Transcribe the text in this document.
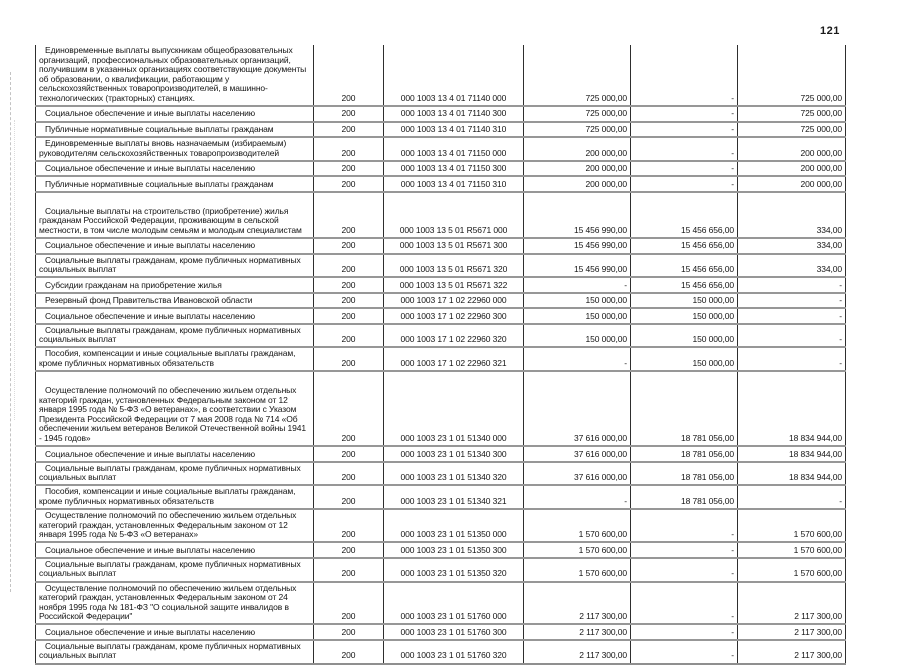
121
Единовременные выплаты выпускникам общеобразовательных организаций, профессиональных образовательных организаций, получившим в указанных организациях соответствующие документы об образовании, о квалификации, работающим у сельскохозяйственных товаропроизводителей, в машинно-технологических (тракторных) станциях.	200	000 1003 13 4 01 71140 000	725 000,00	-	725 000,00
Социальное обеспечение и иные выплаты населению	200	000 1003 13 4 01 71140 300	725 000,00	-	725 000,00
Публичные нормативные социальные выплаты гражданам	200	000 1003 13 4 01 71140 310	725 000,00	-	725 000,00
Единовременные выплаты вновь назначаемым (избираемым) руководителям сельскохозяйственных товаропроизводителей	200	000 1003 13 4 01 71150 000	200 000,00	-	200 000,00
Социальное обеспечение и иные выплаты населению	200	000 1003 13 4 01 71150 300	200 000,00	-	200 000,00
Публичные нормативные социальные выплаты гражданам	200	000 1003 13 4 01 71150 310	200 000,00	-	200 000,00
Социальные выплаты на строительство (приобретение) жилья гражданам Российской Федерации, проживающим в сельской местности, в том числе молодым семьям и молодым специалистам	200	000 1003 13 5 01 R5671 000	15 456 990,00	15 456 656,00	334,00
Социальное обеспечение и иные выплаты населению	200	000 1003 13 5 01 R5671 300	15 456 990,00	15 456 656,00	334,00
Социальные выплаты гражданам, кроме публичных нормативных социальных выплат	200	000 1003 13 5 01 R5671 320	15 456 990,00	15 456 656,00	334,00
Субсидии гражданам на приобретение жилья	200	000 1003 13 5 01 R5671 322	-	15 456 656,00	-
Резервный фонд Правительства Ивановской области	200	000 1003 17 1 02 22960 000	150 000,00	150 000,00	-
Социальное обеспечение и иные выплаты населению	200	000 1003 17 1 02 22960 300	150 000,00	150 000,00	-
Социальные выплаты гражданам, кроме публичных нормативных социальных выплат	200	000 1003 17 1 02 22960 320	150 000,00	150 000,00	-
Пособия, компенсации и иные социальные выплаты гражданам, кроме публичных нормативных обязательств	200	000 1003 17 1 02 22960 321	-	150 000,00	-
Осуществление полномочий по обеспечению жильем отдельных категорий граждан, установленных Федеральным законом от 12 января 1995 года № 5-ФЗ «О ветеранах», в соответствии с Указом Президента Российской Федерации от 7 мая 2008 года № 714 «Об обеспечении жильем ветеранов Великой Отечественной войны 1941 - 1945 годов»	200	000 1003 23 1 01 51340 000	37 616 000,00	18 781 056,00	18 834 944,00
Социальное обеспечение и иные выплаты населению	200	000 1003 23 1 01 51340 300	37 616 000,00	18 781 056,00	18 834 944,00
Социальные выплаты гражданам, кроме публичных нормативных социальных выплат	200	000 1003 23 1 01 51340 320	37 616 000,00	18 781 056,00	18 834 944,00
Пособия, компенсации и иные социальные выплаты гражданам, кроме публичных нормативных обязательств	200	000 1003 23 1 01 51340 321	-	18 781 056,00	-
Осуществление полномочий по обеспечению жильем отдельных категорий граждан, установленных Федеральным законом от 12 января 1995 года № 5-ФЗ «О ветеранах»	200	000 1003 23 1 01 51350 000	1 570 600,00	-	1 570 600,00
Социальное обеспечение и иные выплаты населению	200	000 1003 23 1 01 51350 300	1 570 600,00	-	1 570 600,00
Социальные выплаты гражданам, кроме публичных нормативных социальных выплат	200	000 1003 23 1 01 51350 320	1 570 600,00	-	1 570 600,00
Осуществление полномочий по обеспечению жильем отдельных категорий граждан, установленных Федеральным законом от 24 ноября 1995 года № 181-ФЗ "О социальной защите инвалидов в Российской Федерации"	200	000 1003 23 1 01 51760 000	2 117 300,00	-	2 117 300,00
Социальное обеспечение и иные выплаты населению	200	000 1003 23 1 01 51760 300	2 117 300,00	-	2 117 300,00
Социальные выплаты гражданам, кроме публичных нормативных социальных выплат	200	000 1003 23 1 01 51760 320	2 117 300,00	-	2 117 300,00
